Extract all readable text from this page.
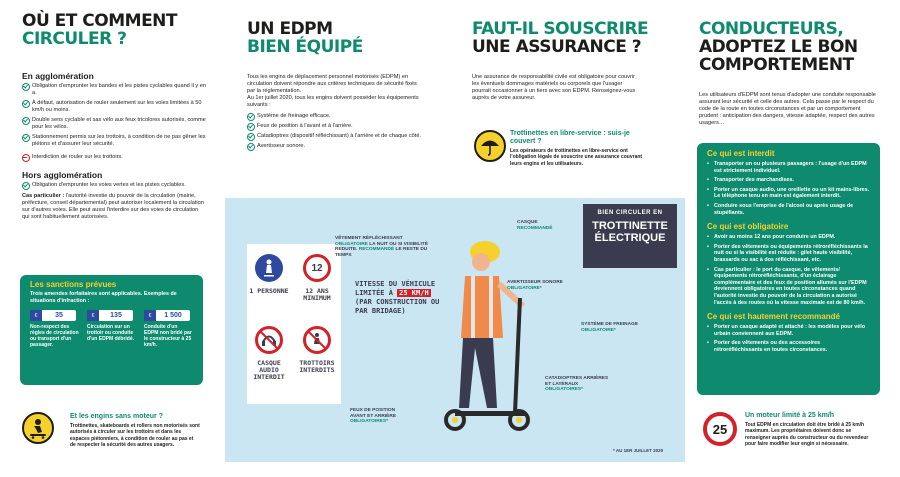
OÙ ET COMMENT
CIRCULER ?
En agglomération
Obligation d'emprunter les bandes et les pistes cyclables quand il y en a.
À défaut, autorisation de rouler seulement sur les voies limitées à 50 km/h ou moins.
Double sens cyclable et sas vélo aux feux tricolores autorisés, comme pour les vélos.
Stationnement permis sur les trottoirs, à condition de ne pas gêner les piétons et d'assurer leur sécurité.
Interdiction de rouler sur les trottoirs.
Hors agglomération
Obligation d'emprunter les voies vertes et les pistes cyclables.
Cas particulier : l'autorité investie du pouvoir de la circulation (mairie, préfecture, conseil départemental) peut autoriser localement la circulation sur d'autres voies. Elle peut aussi l'interdire sur des voies de circulation qui sont habituellement autorisées.
Les sanctions prévues
Trois amendes forfaitaires sont applicables. Exemples de situations d'infraction :
€	35
Non-respect des règles de circulation ou transport d'un passager.
€	135
Circulation sur un trottoir ou conduite d'un EDPM débridé.
€	1 500
Conduite d'un EDPM non bridé par le constructeur à 25 km/h.
Et les engins sans moteur ?
Trottinettes, skateboards et rollers non motorisés sont autorisés à circuler sur les trottoirs et dans les espaces piétonniers, à condition de rouler au pas et de respecter la sécurité des autres usagers.
UN EDPM
BIEN ÉQUIPÉ
Tous les engins de déplacement personnel motorisés (EDPM) en circulation doivent répondre aux critères techniques de sécurité fixés par la réglementation.
Au 1er juillet 2020, tous les engins doivent posséder les équipements suivants :
Système de freinage efficace.
Feux de position à l'avant et à l'arrière.
Catadioptres (dispositif réfléchissant) à l'arrière et de chaque côté.
Avertisseur sonore.
FAUT-IL SOUSCRIRE
UNE ASSURANCE ?
Une assurance de responsabilité civile est obligatoire pour couvrir les éventuels dommages matériels ou corporels que l'usager pourrait occasionner à un tiers avec son EDPM. Renseignez-vous auprès de votre assureur.
Trottinettes en libre-service : suis-je couvert ?
Les opérateurs de trottinettes en libre-service ont l'obligation légale de souscrire une assurance couvrant leurs engins et les utilisateurs.
BIEN CIRCULER EN
TROTTINETTE ÉLECTRIQUE
12
1 PERSONNE	12 ANS MINIMUM
CASQUE AUDIO INTERDIT
TROTTOIRS INTERDITS
VITESSE DU VÉHICULE LIMITÉE À 25 KM/H (PAR CONSTRUCTION OU PAR BRIDAGE)
VÊTEMENT RÉFLÉCHISSANT OBLIGATOIRE LA NUIT OU SI VISIBILITÉ RÉDUITE. RECOMMANDÉ LE RESTE DU TEMPS
CASQUE
RECOMMANDÉ
AVERTISSEUR SONORE
OBLIGATOIRE*
SYSTÈME DE FREINAGE
OBLIGATOIRE*
CATADIOPTRES ARRIÈRES ET LATÉRAUX OBLIGATOIRES*
FEUX DE POSITION AVANT ET ARRIÈRE OBLIGATOIRES*
* AU 1ER JUILLET 2020
CONDUCTEURS,
ADOPTEZ LE BON
COMPORTEMENT
Les utilisateurs d'EDPM sont tenus d'adopter une conduite responsable assurant leur sécurité et celle des autres. Cela passe par le respect du code de la route en toutes circonstances et par un comportement prudent : anticipation des dangers, vitesse adaptée, respect des autres usagers…
Ce qui est interdit
• Transporter un ou plusieurs passagers : l'usage d'un EDPM est strictement individuel.
• Transporter des marchandises.
• Porter un casque audio, une oreillette ou un kit mains-libres. Le téléphone tenu en main est également interdit.
• Conduire sous l'emprise de l'alcool ou après usage de stupéfiants.
Ce qui est obligatoire
• Avoir au moins 12 ans pour conduire un EDPM.
• Porter des vêtements ou équipements rétroréfléchissants la nuit ou si la visibilité est réduite : gilet haute visibilité, brassards ou sac à dos réfléchissant, etc.
• Cas particulier : le port du casque, de vêtements/ équipements rétroréfléchissants, d'un éclairage complémentaire et des feux de position allumés sur l'EDPM deviennent obligatoires en toutes circonstances quand l'autorité investie du pouvoir de la circulation a autorisé l'accès à des routes où la vitesse maximale est de 80 km/h.
Ce qui est hautement recommandé
• Porter un casque adapté et attaché : les modèles pour vélo urbain conviennent aux EDPM.
• Porter des vêtements ou des accessoires rétroréfléchissants en toutes circonstances.
25
Un moteur limité à 25 km/h
Tout EDPM en circulation doit être bridé à 25 km/h maximum. Les propriétaires doivent donc se renseigner auprès du constructeur ou du revendeur pour faire modifier leur engin si nécessaire.
